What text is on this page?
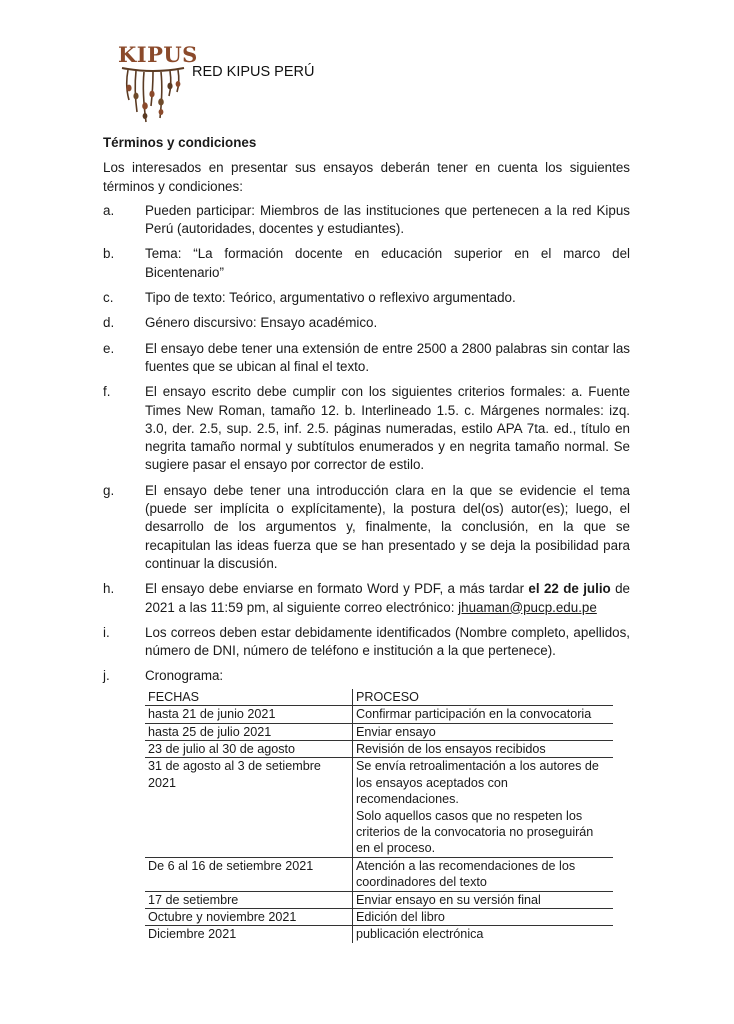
KIPUS
RED KIPUS PERÚ

Términos y condiciones

Los interesados en presentar sus ensayos deberán tener en cuenta los siguientes términos y condiciones:

a.	Pueden participar: Miembros de las instituciones que pertenecen a la red Kipus Perú (autoridades, docentes y estudiantes).
b.	Tema: “La formación docente en educación superior en el marco del Bicentenario”
c.	Tipo de texto: Teórico, argumentativo o reflexivo argumentado.
d.	Género discursivo: Ensayo académico.
e.	El ensayo debe tener una extensión de entre 2500 a 2800 palabras sin contar las fuentes que se ubican al final el texto.
f.	El ensayo escrito debe cumplir con los siguientes criterios formales: a. Fuente Times New Roman, tamaño 12. b. Interlineado 1.5. c. Márgenes normales: izq. 3.0, der. 2.5, sup. 2.5, inf. 2.5. páginas numeradas, estilo APA 7ta. ed., título en negrita tamaño normal y subtítulos enumerados y en negrita tamaño normal. Se sugiere pasar el ensayo por corrector de estilo.
g.	El ensayo debe tener una introducción clara en la que se evidencie el tema (puede ser implícita o explícitamente), la postura del(os) autor(es); luego, el desarrollo de los argumentos y, finalmente, la conclusión, en la que se recapitulan las ideas fuerza que se han presentado y se deja la posibilidad para continuar la discusión.
h.	El ensayo debe enviarse en formato Word y PDF, a más tardar el 22 de julio de 2021 a las 11:59 pm, al siguiente correo electrónico: jhuaman@pucp.edu.pe
i.	Los correos deben estar debidamente identificados (Nombre completo, apellidos, número de DNI, número de teléfono e institución a la que pertenece).
j.	Cronograma:
FECHAS	PROCESO
hasta 21 de junio 2021	Confirmar participación en la convocatoria

hasta 25 de julio 2021	Enviar ensayo

23 de julio al 30 de agosto	Revisión de los ensayos recibidos

31 de agosto al 3 de setiembre 2021	Se envía retroalimentación a los autores de los ensayos aceptados con recomendaciones.
Solo aquellos casos que no respeten los criterios de la convocatoria no proseguirán en el proceso.

De 6 al 16 de setiembre 2021	Atención a las recomendaciones de los coordinadores del texto

17 de setiembre	Enviar ensayo en su versión final

Octubre y noviembre 2021	Edición del libro

Diciembre 2021	publicación electrónica
